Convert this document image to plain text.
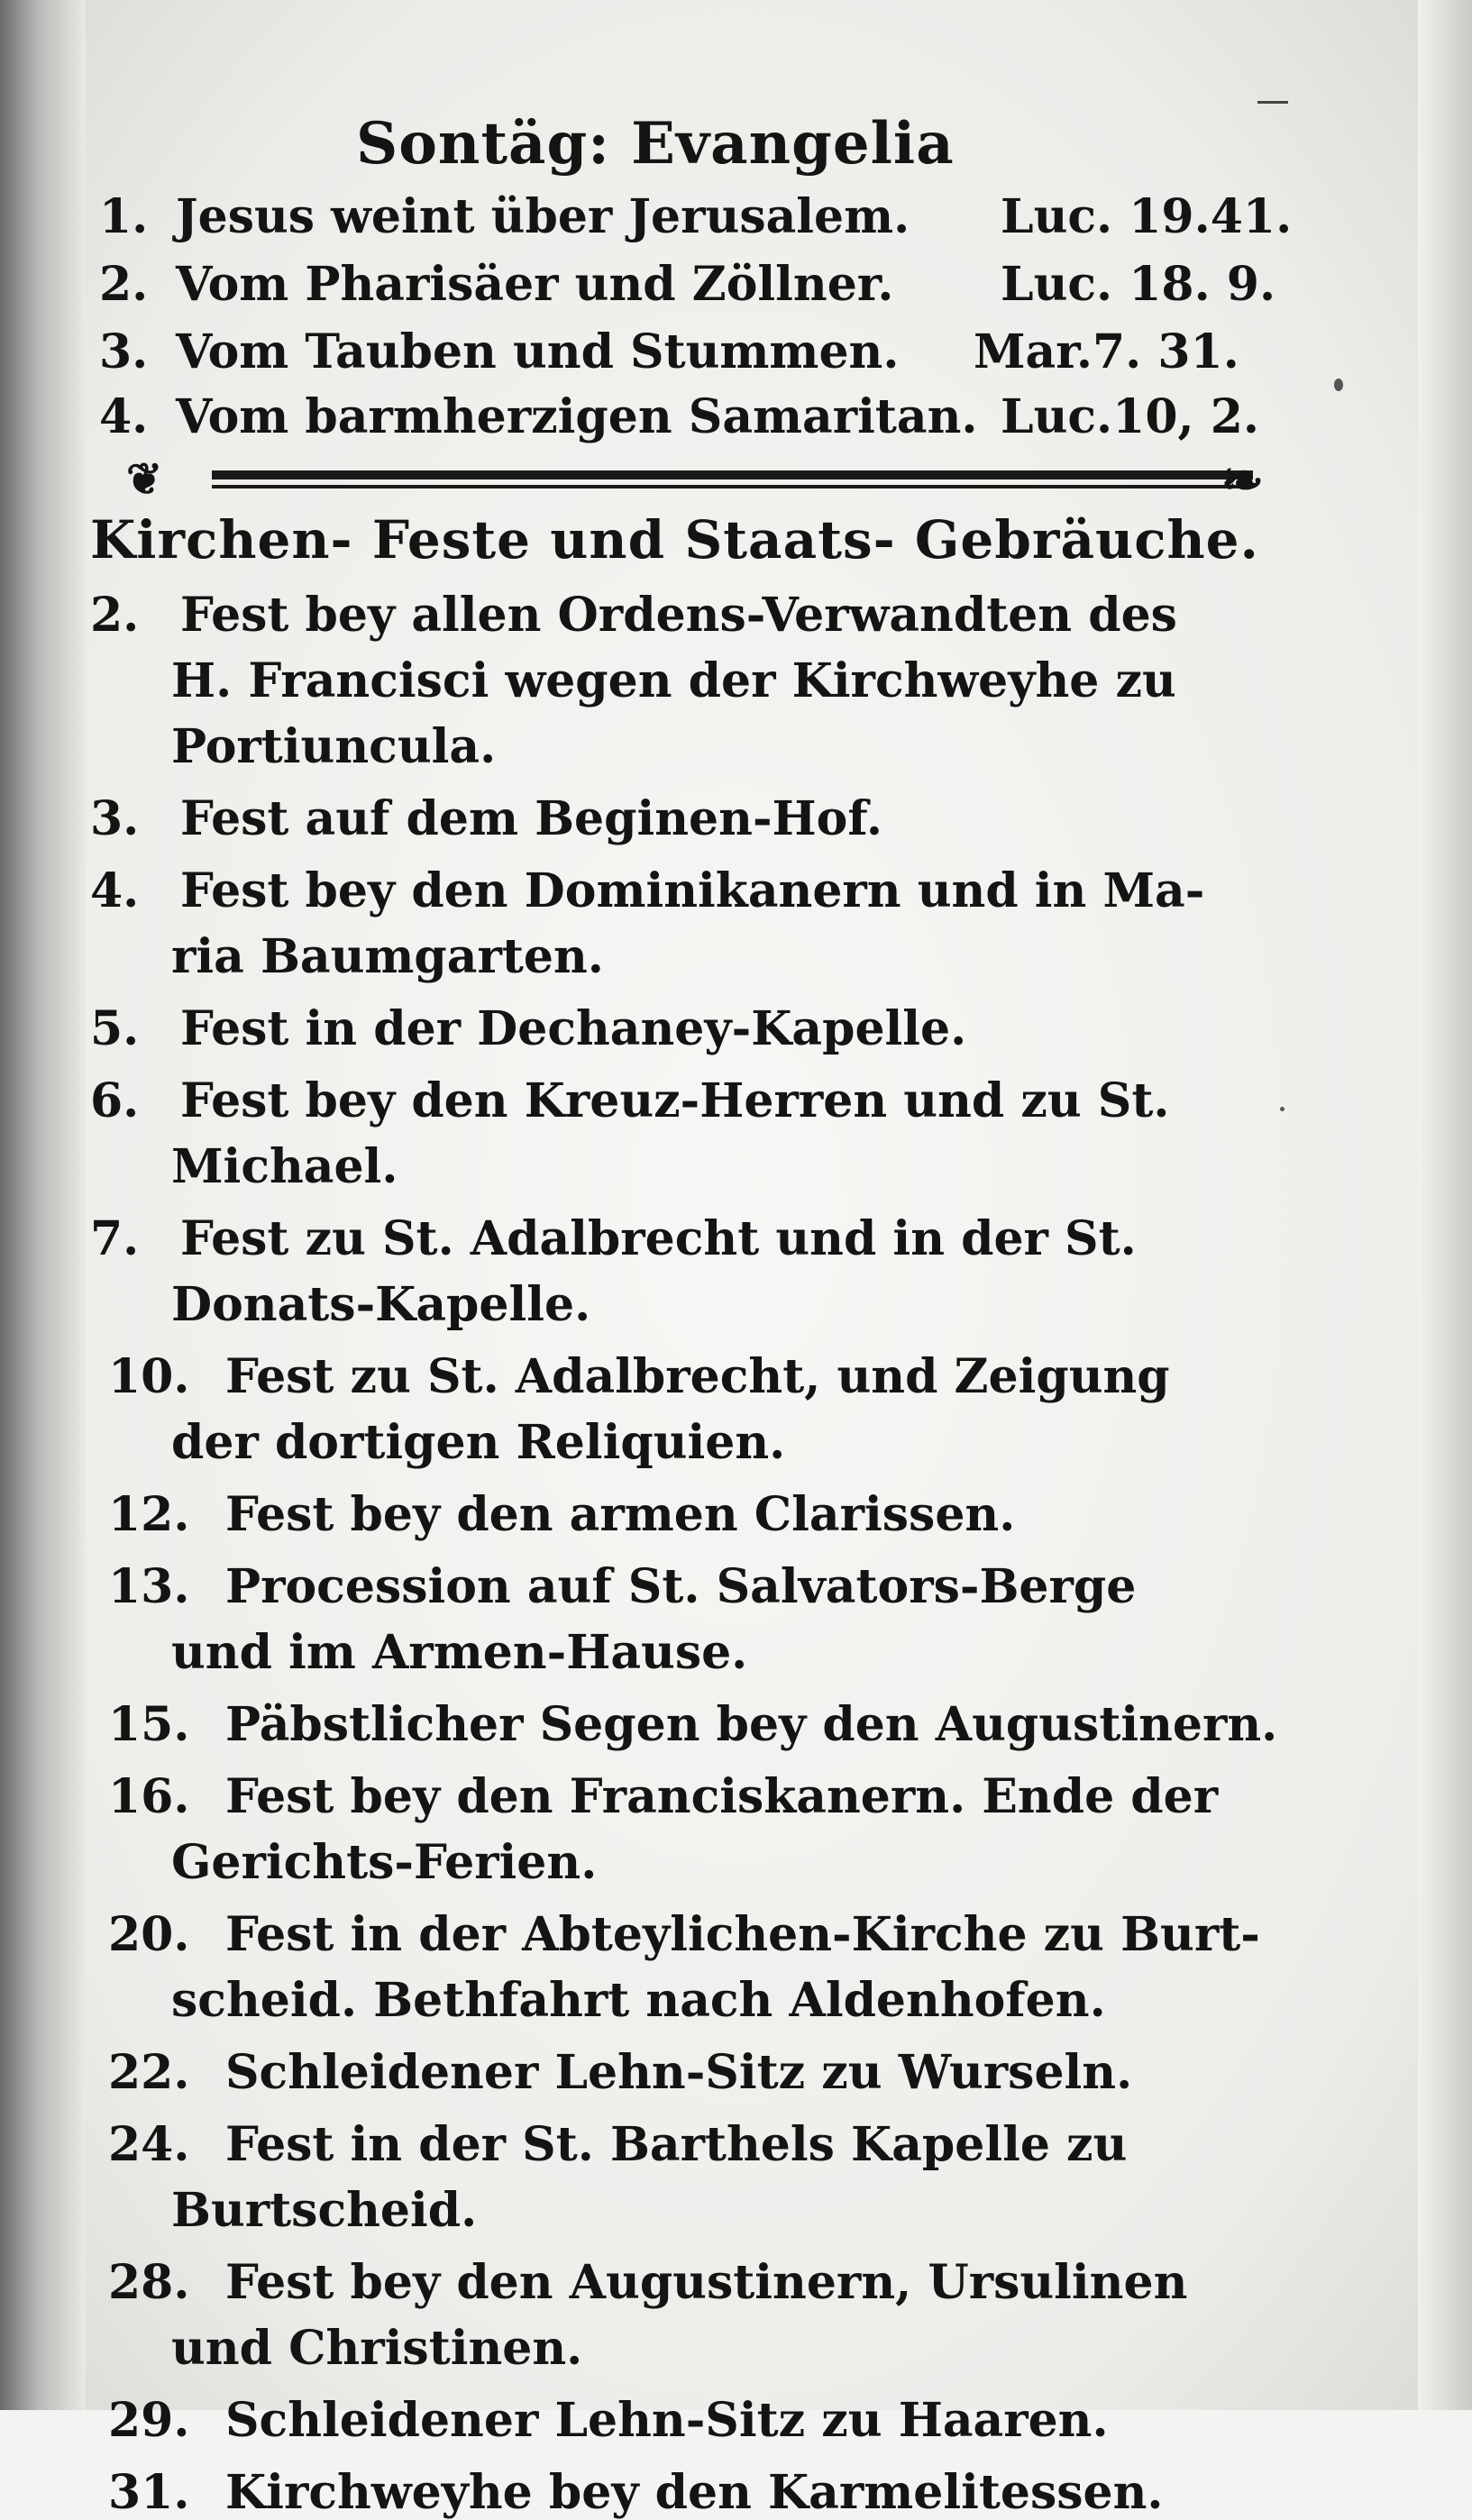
Sontäg: Evangelia
1. Jesus weint über Jerusalem. Luc. 19.41.
2. Vom Pharisäer und Zöllner. Luc. 18. 9.
3. Vom Tauben und Stummen. Mar.7. 31.
4. Vom barmherzigen Samaritan. Luc.10, 2.
❦	❧
Kirchen- Feste und Staats- Gebräuche.
2. Fest bey allen Ordens-Verwandten des
H. Francisci wegen der Kirchweyhe zu
Portiuncula.
3. Fest auf dem Beginen-Hof.
4. Fest bey den Dominikanern und in Ma-
ria Baumgarten.
5. Fest in der Dechaney-Kapelle.
6. Fest bey den Kreuz-Herren und zu St.
Michael.
7. Fest zu St. Adalbrecht und in der St.
Donats-Kapelle.
10. Fest zu St. Adalbrecht, und Zeigung
der dortigen Reliquien.
12. Fest bey den armen Clarissen.
13. Procession auf St. Salvators-Berge
und im Armen-Hause.
15. Päbstlicher Segen bey den Augustinern.
16. Fest bey den Franciskanern. Ende der
Gerichts-Ferien.
20. Fest in der Abteylichen-Kirche zu Burt-
scheid. Bethfahrt nach Aldenhofen.
22. Schleidener Lehn-Sitz zu Wurseln.
24. Fest in der St. Barthels Kapelle zu
Burtscheid.
28. Fest bey den Augustinern, Ursulinen
und Christinen.
29. Schleidener Lehn-Sitz zu Haaren.
31. Kirchweyhe bey den Karmelitessen.
